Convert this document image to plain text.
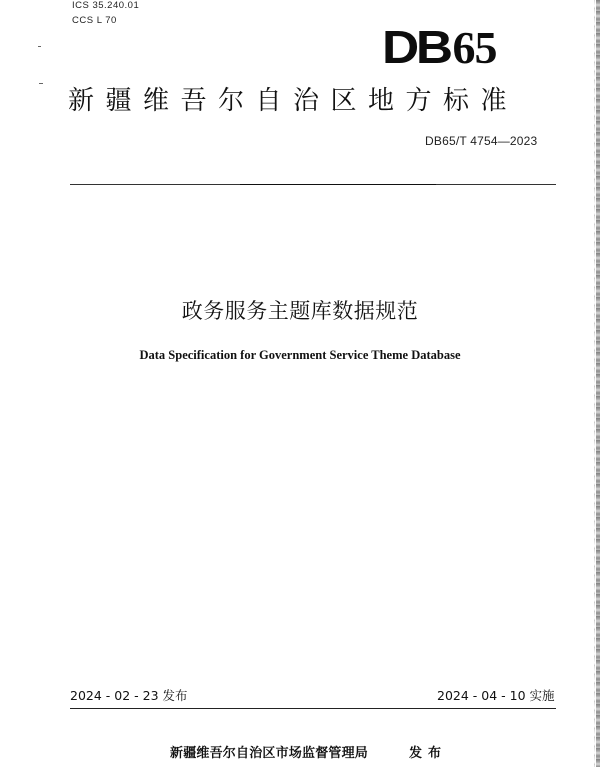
ICS 35.240.01
CCS L 70
DB65
新疆维吾尔自治区地方标准
DB65/T 4754—2023
政务服务主题库数据规范
Data Specification for Government Service Theme Database
2024 - 02 - 23 发布	2024 - 04 - 10 实施
新疆维吾尔自治区市场监督管理局	发布
